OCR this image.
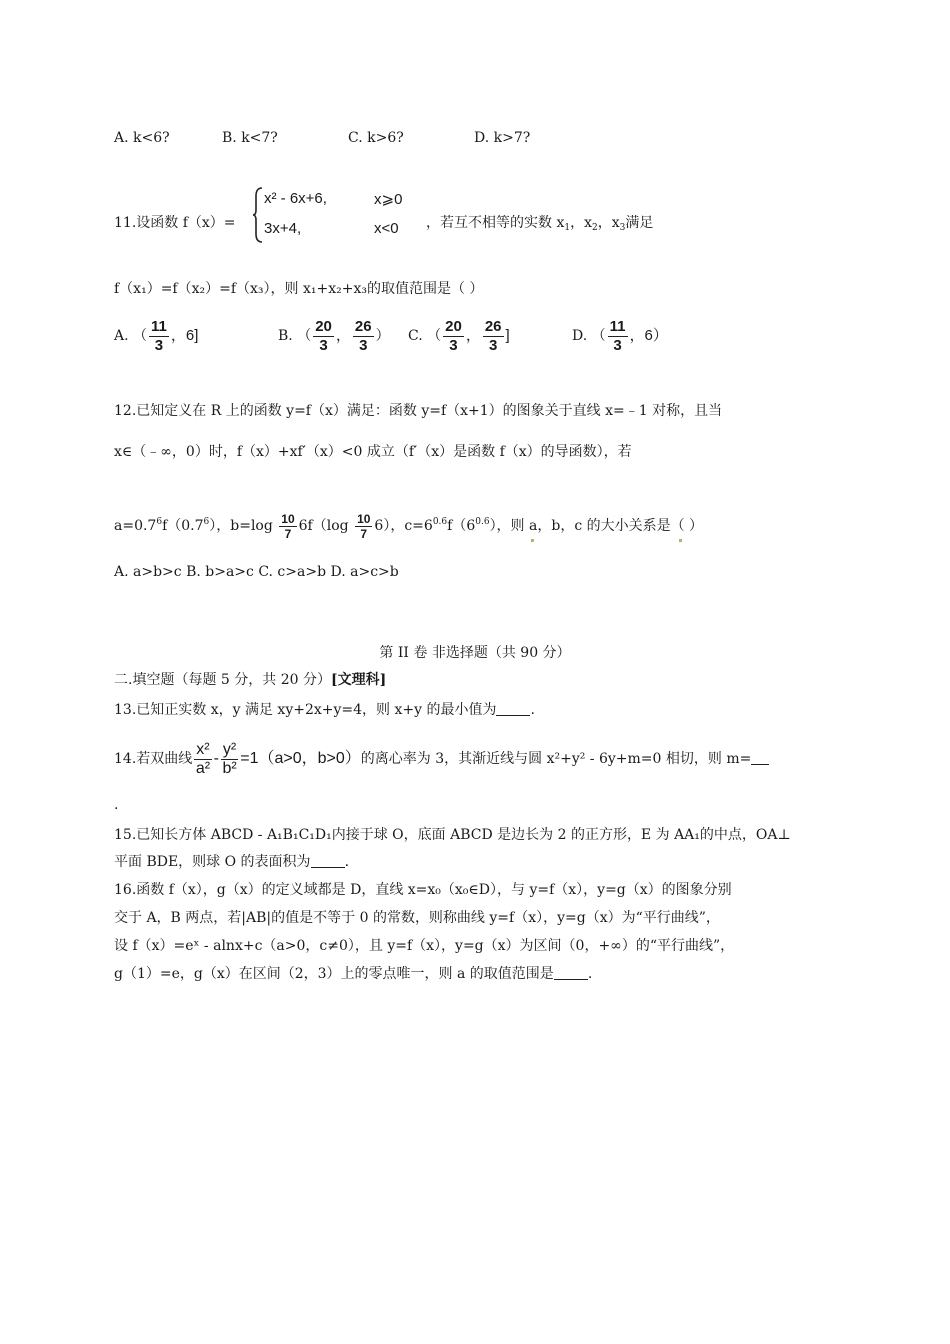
A. k<6?	B. k<7?	C. k>6?	D. k>7?
11.设函数 f（x）=
x² - 6x+6,	x⩾0
3x+4,	x<0 ，若互不相等的实数 $x_1$，$x_2$，$x_3$满足
f（x₁）=f（x₂）=f（x₃），则 x₁+x₂+x₃的取值范围是（ ）
A. （ $\frac{11}{3}$ ，6]	B. （ $\frac{20}{3}$ ， $\frac{26}{3}$ ） C. （ $\frac{20}{3}$ ， $\frac{26}{3}$ ]	D. （ $\frac{11}{3}$ ，6）
12.已知定义在 R 上的函数 y=f（x）满足：函数 y=f（x+1）的图象关于直线 x=﹣1 对称，且当
x∈（﹣∞，0）时，f（x）+xf′（x）<0 成立（f′（x）是函数 f（x）的导函数），若
$a=0.7^6f(0.7^6)$，$b=\log \frac{10}{7} 6f(\log \frac{10}{7} 6)$，$c=6^{0.6}f(6^{0.6})$，则 a，b，c 的大小关系是（ ）
A. a>b>c B. b>a>c C. c>a>b D. a>c>b
第 II 卷 非选择题（共 90 分）
二.填空题（每题 5 分，共 20 分）[文理科]
13.已知正实数 x，y 满足 xy+2x+y=4，则 x+y 的最小值为 .
14.若双曲线 $\frac{\text{x²}}{\text{a²}} - \frac{\text{y²}}{\text{b²}} =1(a>0$，b>0） 的离心率为 3，其渐近线与圆 x²+y² - 6y+m=0 相切，则 m=
.
15.已知长方体 ABCD - A₁B₁C₁D₁内接于球 O，底面 ABCD 是边长为 2 的正方形，E 为 AA₁的中点，OA⊥
平面 BDE，则球 O 的表面积为 .
16.函数 f（x），g（x）的定义域都是 D，直线 x=x₀（x₀∈D），与 y=f（x），y=g（x）的图象分别
交于 A，B 两点，若|AB|的值是不等于 0 的常数，则称曲线 y=f（x），y=g（x）为“平行曲线”，
设 f（x）=eˣ - alnx+c（a>0，c≠0），且 y=f（x），y=g（x）为区间（0，+∞）的“平行曲线”，
g（1）=e，g（x）在区间（2，3）上的零点唯一，则 a 的取值范围是 .
